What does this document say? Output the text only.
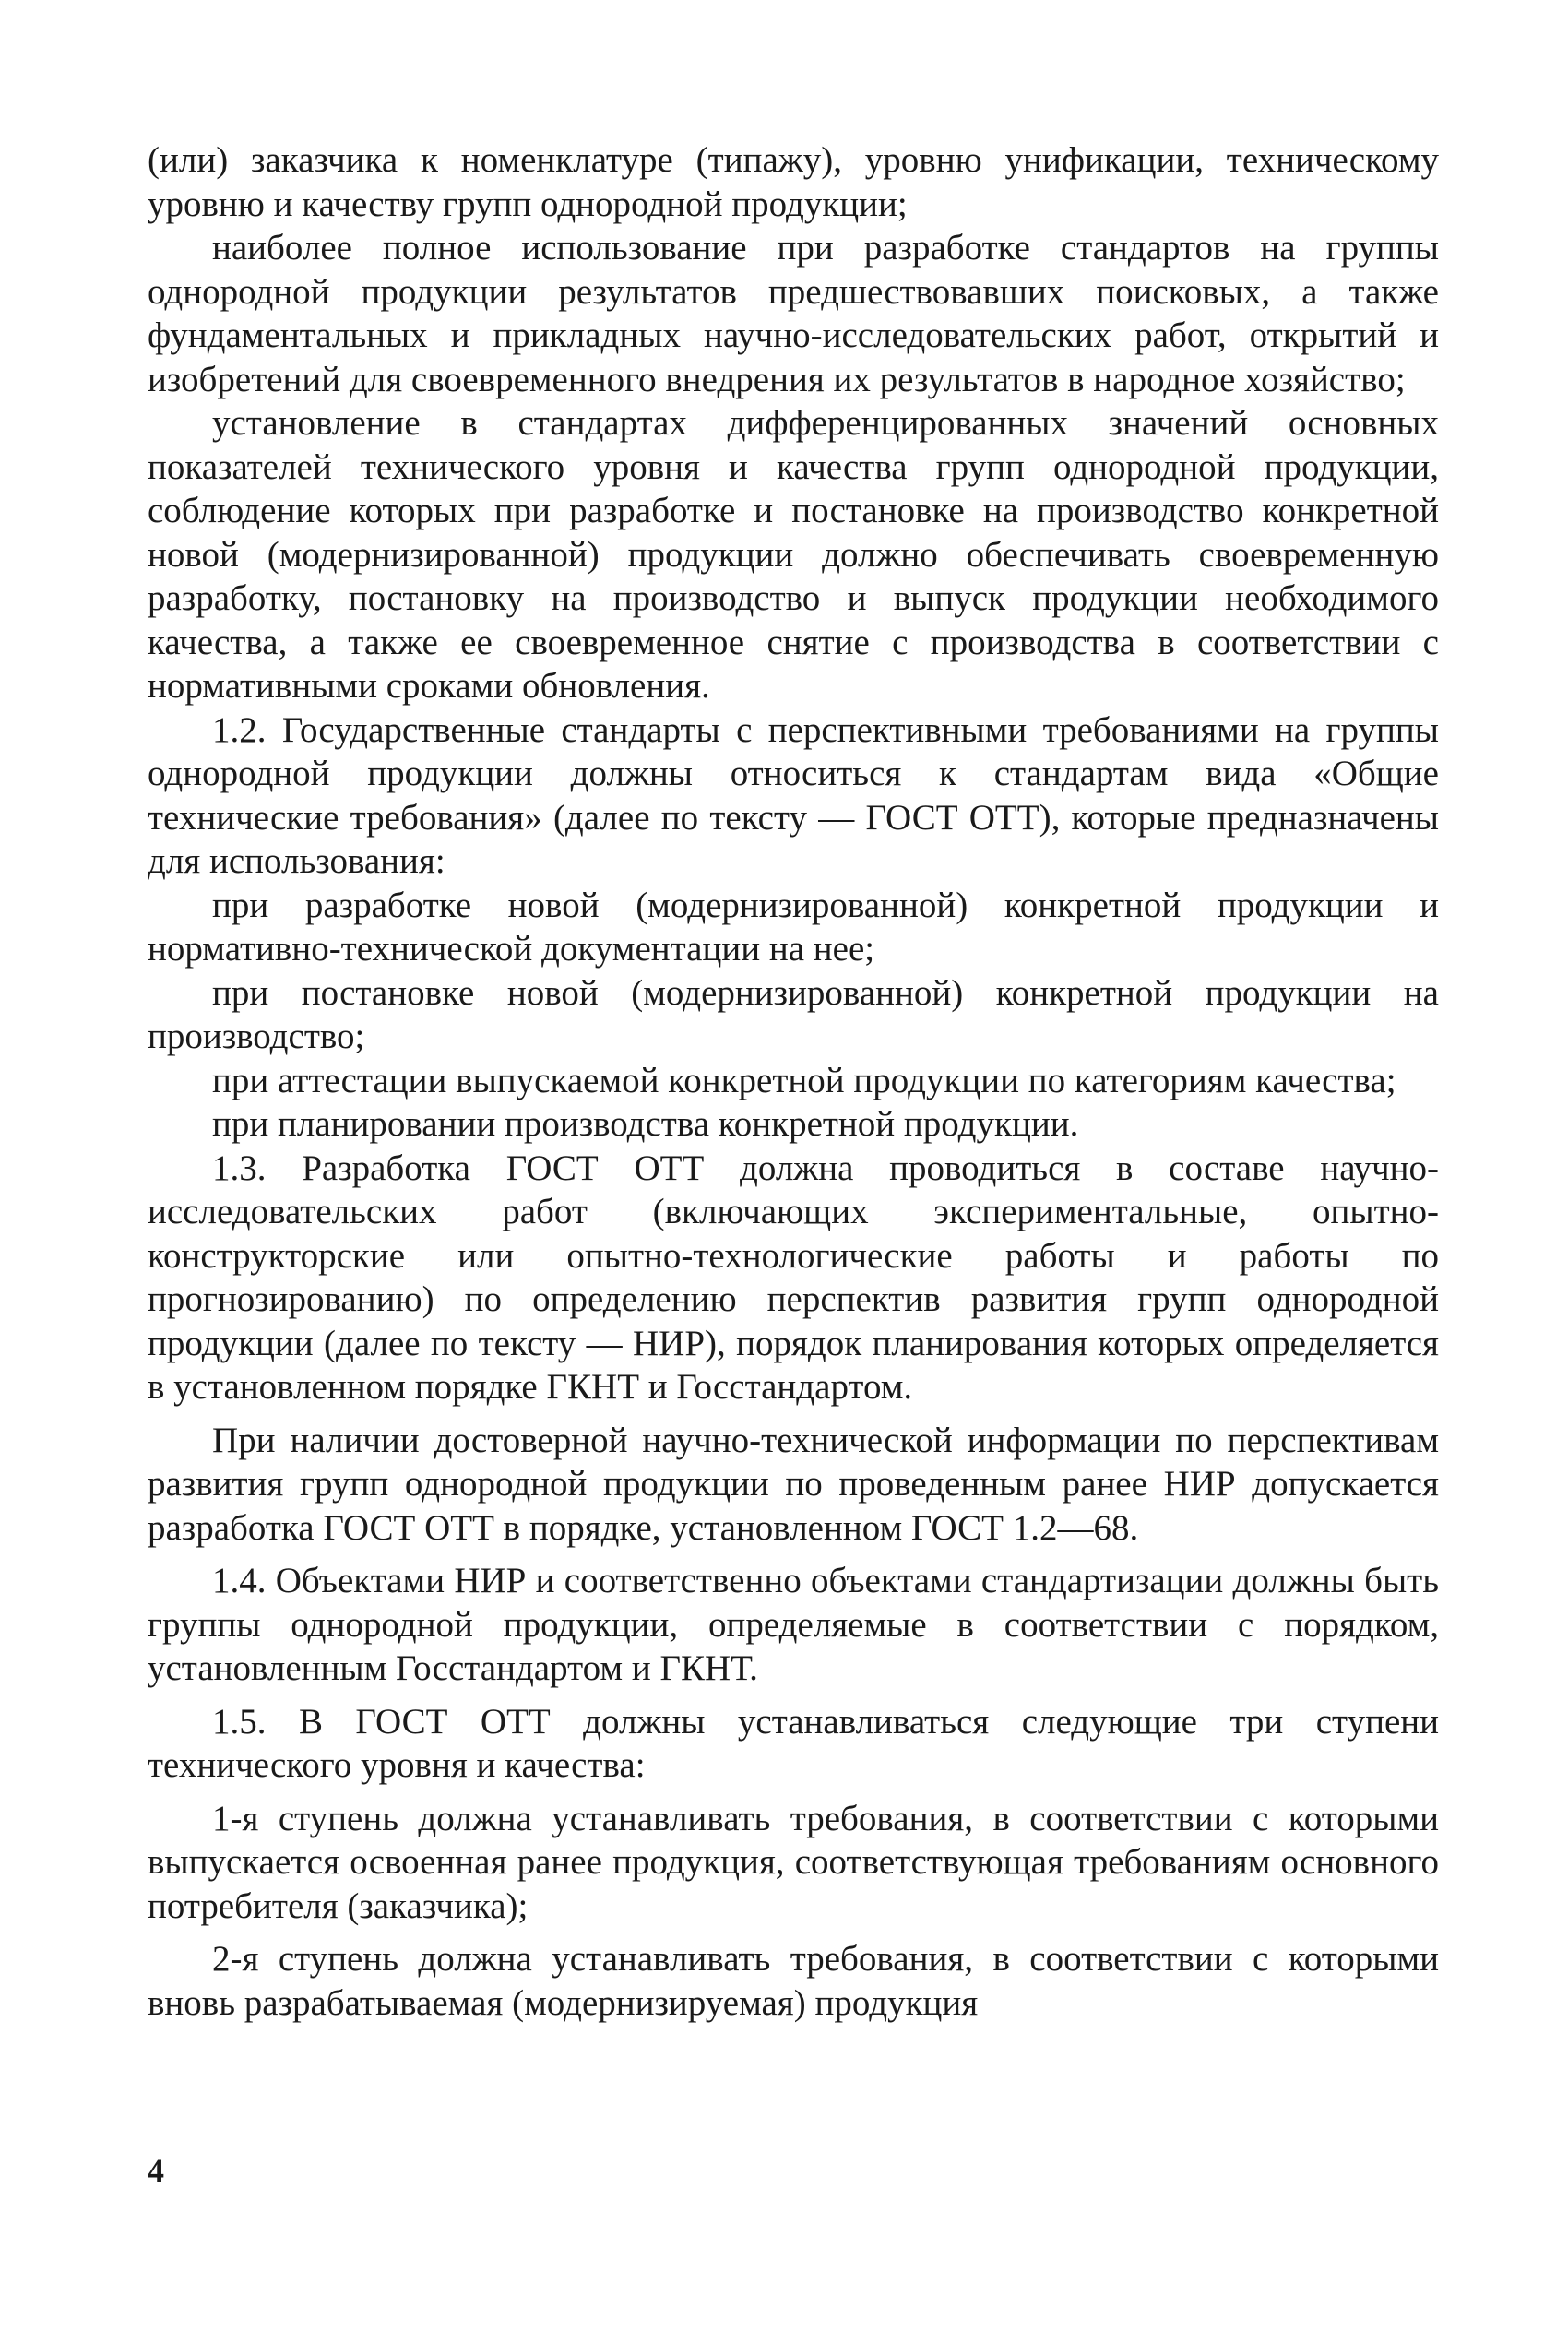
(или) заказчика к номенклатуре (типажу), уровню унификации, техническому уровню и качеству групп однородной продукции;

наиболее полное использование при разработке стандартов на группы однородной продукции результатов предшествовавших поисковых, а также фундаментальных и прикладных научно-исследовательских работ, открытий и изобретений для своевременного внедрения их результатов в народное хозяйство;

установление в стандартах дифференцированных значений основных показателей технического уровня и качества групп однородной продукции, соблюдение которых при разработке и постановке на производство конкретной новой (модернизированной) продукции должно обеспечивать своевременную разработку, постановку на производство и выпуск продукции необходимого качества, а также ее своевременное снятие с производства в соответствии с нормативными сроками обновления.

1.2. Государственные стандарты с перспективными требованиями на группы однородной продукции должны относиться к стандартам вида «Общие технические требования» (далее по тексту — ГОСТ ОТТ), которые предназначены для использования:

при разработке новой (модернизированной) конкретной продукции и нормативно-технической документации на нее;

при постановке новой (модернизированной) конкретной продукции на производство;

при аттестации выпускаемой конкретной продукции по категориям качества;

при планировании производства конкретной продукции.

1.3. Разработка ГОСТ ОТТ должна проводиться в составе научно-исследовательских работ (включающих экспериментальные, опытно-конструкторские или опытно-технологические работы и работы по прогнозированию) по определению перспектив развития групп однородной продукции (далее по тексту — НИР), порядок планирования которых определяется в установленном порядке ГКНТ и Госстандартом.

При наличии достоверной научно-технической информации по перспективам развития групп однородной продукции по проведенным ранее НИР допускается разработка ГОСТ ОТТ в порядке, установленном ГОСТ 1.2—68.

1.4. Объектами НИР и соответственно объектами стандартизации должны быть группы однородной продукции, определяемые в соответствии с порядком, установленным Госстандартом и ГКНТ.

1.5. В ГОСТ ОТТ должны устанавливаться следующие три ступени технического уровня и качества:

1-я ступень должна устанавливать требования, в соответствии с которыми выпускается освоенная ранее продукция, соответствующая требованиям основного потребителя (заказчика);

2-я ступень должна устанавливать требования, в соответствии с которыми вновь разрабатываемая (модернизируемая) продукция

4
